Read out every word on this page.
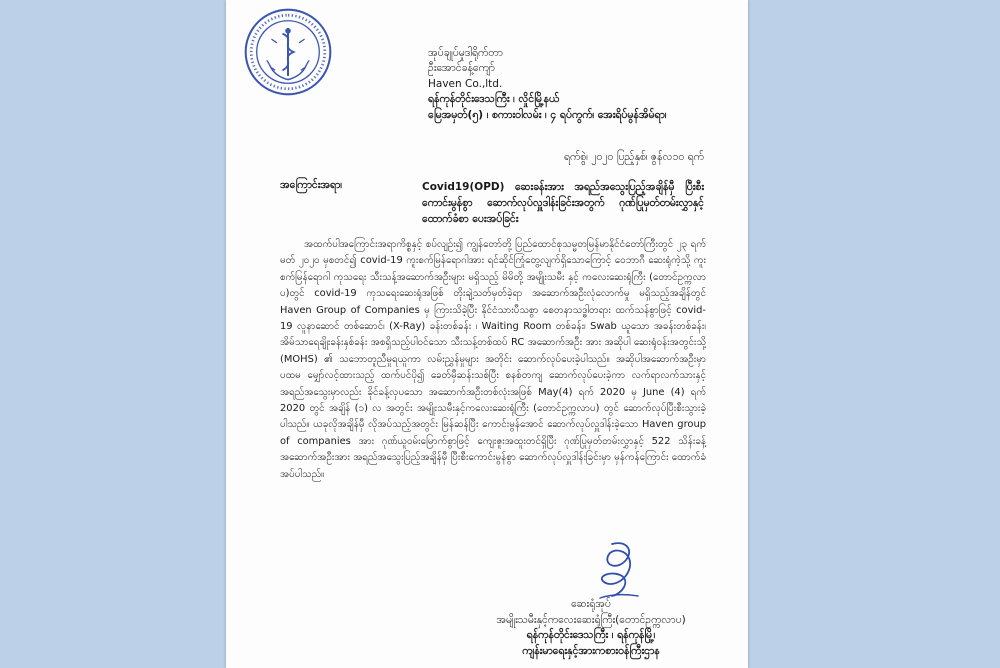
အုပ်ချုပ်မှုဒါရိုက်တာ
ဦးအောင်ခန့်ကျော်
Haven Co.,ltd.
ရန်ကုန်တိုင်းဒေသကြီး ၊ လှိုင်မြို့နယ်
မြေအမှတ်(၅) ၊ စကားဝါလမ်း ၊ ၄ ရပ်ကွက်၊ အေးရိပ်မွန်အိမ်ရာ၊
ရက်စွဲ၊ ၂၀၂၀ ပြည့်နှစ်၊ ဇွန်လ၁၀ ရက်
အကြောင်းအရာ၊	Covid19(OPD) ဆေးခန်းအား အရည်အသွေးပြည့်အချိန်မှီ ပြီးစီးကောင်းမွန်စွာ ဆောက်လုပ်လှူဒါန်းခြင်းအတွက် ဂုဏ်ပြုမှတ်တမ်းလွှာနှင့် ထောက်ခံစာ ပေးအပ်ခြင်း
အထက်ပါအကြောင်းအရာကိစ္စနှင့် စပ်လျဉ်း၍ ကျွန်တော်တို့ ပြည်ထောင်စုသမ္မတမြန်မာနိုင်ငံတော်ကြီးတွင် ၂၃ ရက် မတ် ၂၀၂၀ မှစတင်၍ covid-19 ကူးစက်မြန်ရောဂါအား ရင်ဆိုင်ကြုံတွေ့လျက်ရှိသောကြောင့် ဝေဘာဂီ ဆေးရုံကဲ့သို့ ကူးစက်မြန်ရောဂါ ကုသရေး သီးသန့်အဆောက်အဦးများ မရှိသည့် မိမိတို့ အမျိုးသမီး နှင့် ကလေးဆေးရုံကြီး (တောင်ဥက္ကလာပ)တွင် covid-19 ကုသရေးဆေးရုံအဖြစ် တိုးချဲ့သတ်မှတ်ခဲ့ရာ အဆောက်အဦးလုံလောက်မှု မရှိသည့်အချိန်တွင် Haven Group of Companies မှ ကြားသိခဲ့ပြီး နိုင်ငံသားပီသစွာ စေတနာသဒ္ဓါတရား ထက်သန်စွာဖြင့် covid-19 လူနာဆောင် တစ်ဆောင်၊ (X-Ray) ခန်းတစ်ခန်း ၊ Waiting Room တစ်ခန်း၊ Swab ယူသော အခန်းတစ်ခန်း၊ အိမ်သာရေချိုးခန်းနှစ်ခန်း အစရှိသည့်ပါဝင်သော သီးသန့်တစ်ထပ် RC အဆောက်အဦး အား အဆိုပါ ဆေးရုံဝန်းအတွင်းသို့ (MOHS) ၏ သဘောတူညီမှုရယူကာ လမ်းညွှန်မှုများ အတိုင်း ဆောက်လုပ်ပေးခဲ့ပါသည်။ အဆိုပါအဆောက်အဦးမှာ ပထမ မျှော်လင့်ထားသည့် ထက်ပင်ပို၍ ခေတ်မှီဆန်းသစ်ပြီး စနစ်တကျ ဆောက်လုပ်ပေးခဲ့ကာ လက်ရာလက်သားနှင့် အရည်အသွေးမှာလည်း ခိုင်ခန့်လှပသော အဆောက်အဦးတစ်လုံးအဖြစ် May(4) ရက် 2020 မှ June (4) ရက် 2020 တွင် အချိန် (၁) လ အတွင်း အမျိုးသမီးနှင့်ကလေးဆေးရုံကြီး (တောင်ဥက္ကလာပ) တွင် ဆောက်လုပ်ပြီးစီးသွားခဲ့ပါသည်။ ယခုလိုအချိန်မှီ လိုအပ်သည့်အတွင်း မြန်ဆန်ပြီး ကောင်းမွန်အောင် ဆောက်လုပ်လှူဒါန်းခဲ့သော Haven group of companies အား ဂုဏ်ယူဝမ်းမြောက်စွာဖြင့် ကျေးဇူးအထူးတင်ရှိပြီး ဂုဏ်ပြုမှတ်တမ်းလွှာနှင့် 522 သိန်းခန့် အဆောက်အဦးအား အရည်အသွေးပြည့်အချိန်မှီ ပြီးစီးကောင်းမွန်စွာ ဆောက်လုပ်လှူဒါန်းခြင်းမှာ မှန်ကန်ကြောင်း ထောက်ခံအပ်ပါသည်။
ဆေးရုံအုပ်
အမျိုးသမီးနှင့်ကလေးဆေးရုံကြီး(တောင်ဥက္ကလာပ)
ရန်ကုန်တိုင်းဒေသကြီး ၊ ရန်ကုန်မြို့၊
ကျန်းမာရေးနှင့်အားကစားဝန်ကြီးဌာန
